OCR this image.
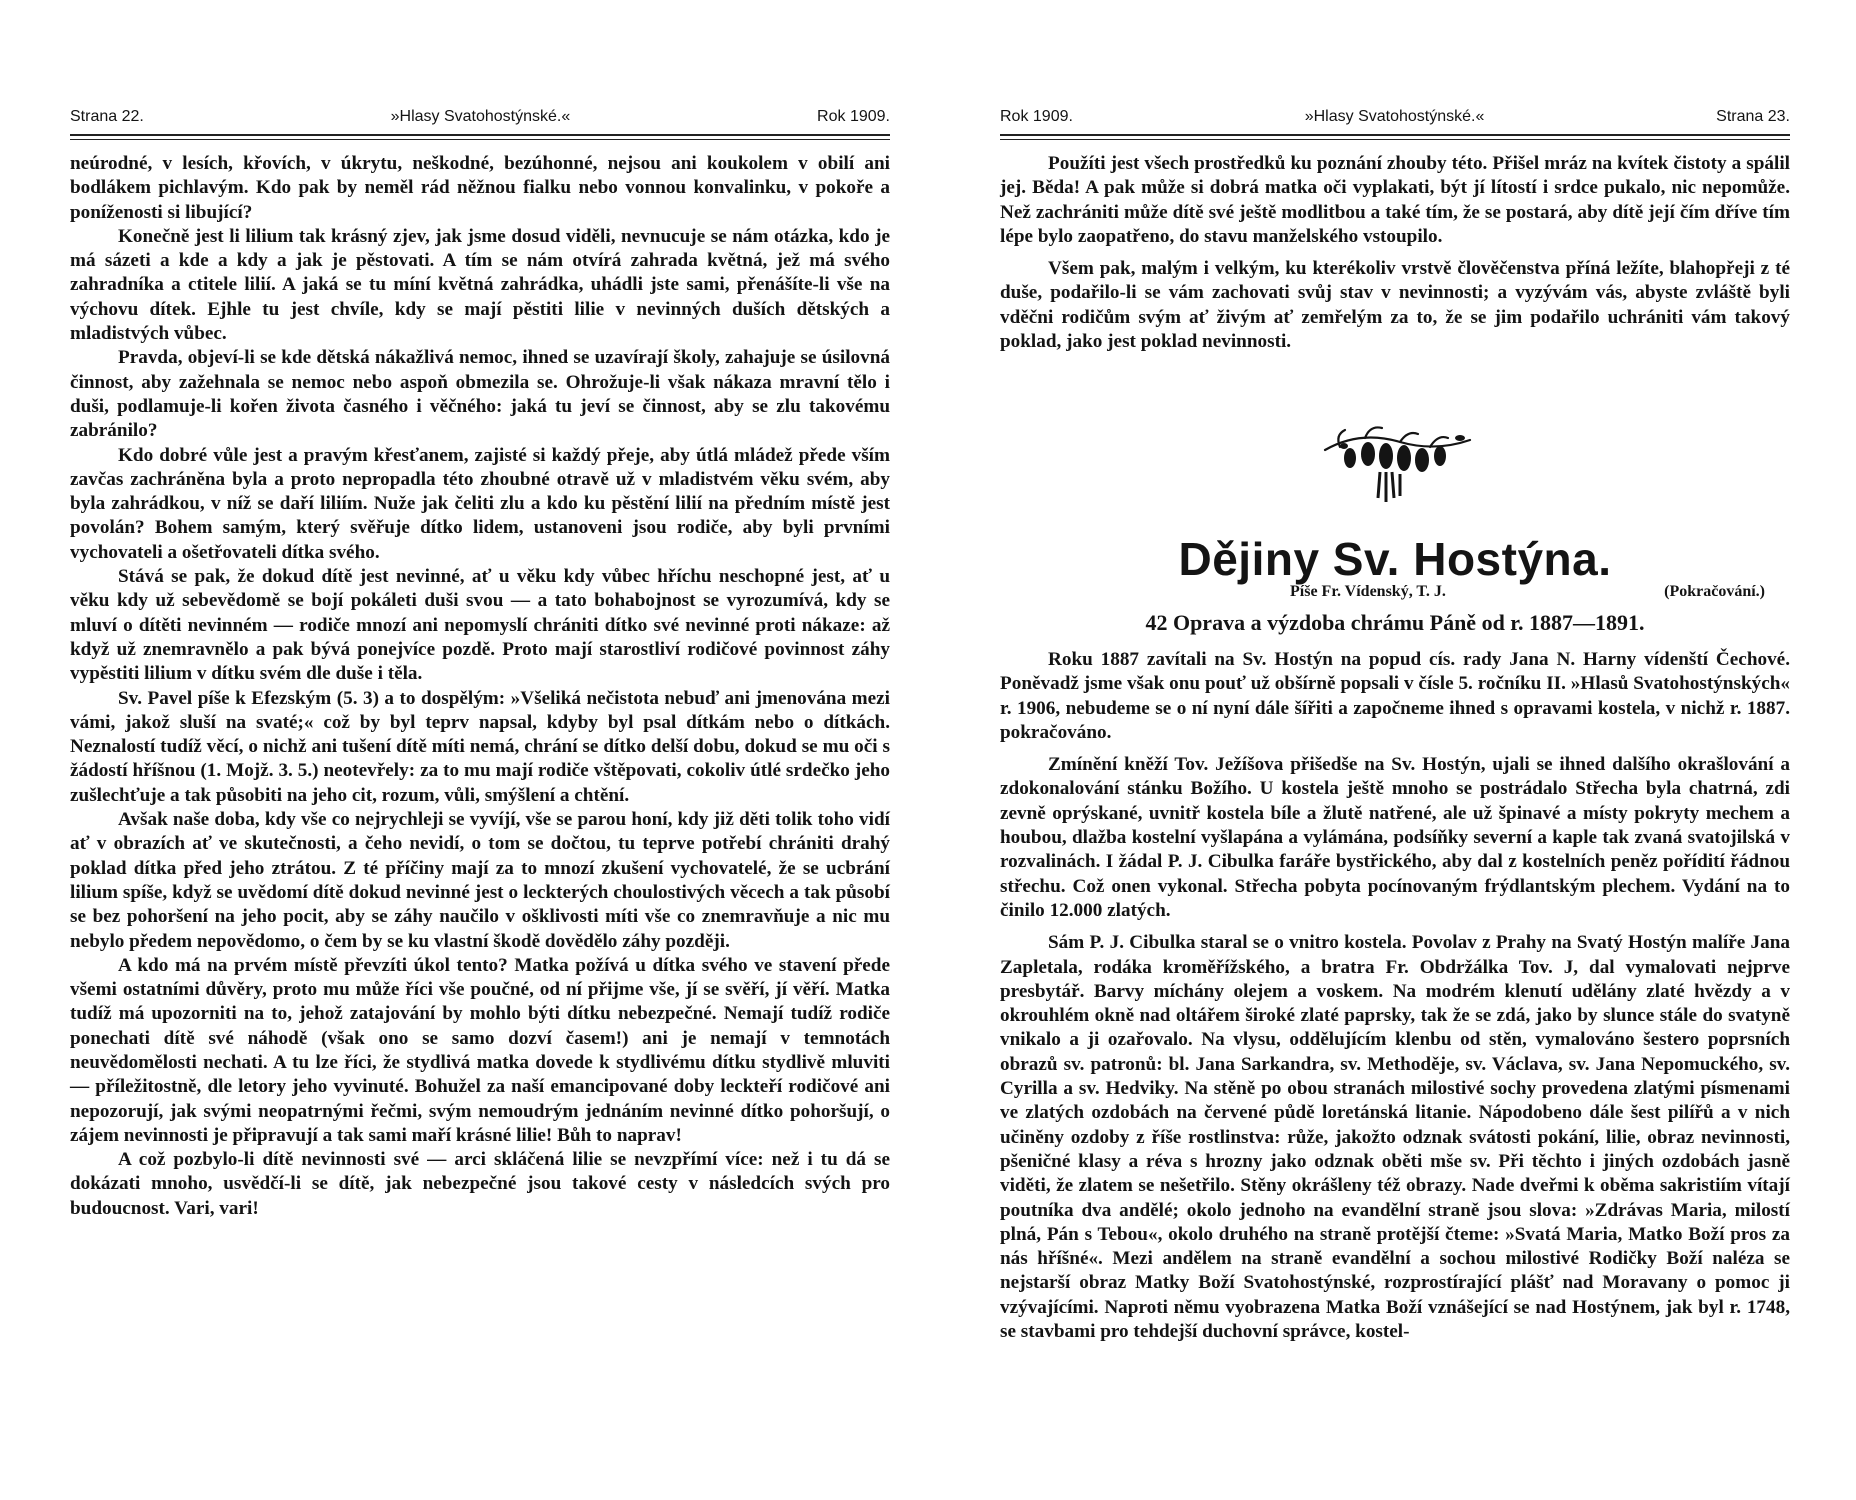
Strana 22.	»Hlasy Svatohostýnské.«	Rok 1909.

neúrodné, v lesích, křovích, v úkrytu, neškodné, bezúhonné, nejsou ani koukolem v obilí ani bodlákem pichlavým. Kdo pak by neměl rád něžnou fialku nebo vonnou konvalinku, v pokoře a poníženosti si libující?

Konečně jest li lilium tak krásný zjev, jak jsme dosud viděli, nevnucuje se nám otázka, kdo je má sázeti a kde a kdy a jak je pěstovati. A tím se nám otvírá zahrada květná, jež má svého zahradníka a ctitele lilií. A jaká se tu míní květná zahrádka, uhádli jste sami, přenášíte-li vše na výchovu dítek. Ejhle tu jest chvíle, kdy se mají pěstiti lilie v nevinných duších dětských a mladistvých vůbec.

Pravda, objeví-li se kde dětská nákažlivá nemoc, ihned se uzavírají školy, zahajuje se úsilovná činnost, aby zažehnala se nemoc nebo aspoň obmezila se. Ohrožuje-li však nákaza mravní tělo i duši, podlamuje-li kořen života časného i věčného: jaká tu jeví se činnost, aby se zlu takovému zabránilo?

Kdo dobré vůle jest a pravým křesťanem, zajisté si každý přeje, aby útlá mládež přede vším zavčas zachráněna byla a proto nepropadla této zhoubné otravě už v mladistvém věku svém, aby byla zahrádkou, v níž se daří liliím. Nuže jak čeliti zlu a kdo ku pěstění lilií na předním místě jest povolán? Bohem samým, který svěřuje dítko lidem, ustanoveni jsou rodiče, aby byli prvními vychovateli a ošetřovateli dítka svého.

Stává se pak, že dokud dítě jest nevinné, ať u věku kdy vůbec hříchu neschopné jest, ať u věku kdy už sebevědomě se bojí pokáleti duši svou — a tato bohabojnost se vyrozumívá, kdy se mluví o dítěti nevinném — rodiče mnozí ani nepomyslí chrániti dítko své nevinné proti nákaze: až když už znemravnělo a pak bývá ponejvíce pozdě. Proto mají starostliví rodičové povinnost záhy vypěstiti lilium v dítku svém dle duše i těla.

Sv. Pavel píše k Efezským (5. 3) a to dospělým: »Všeliká nečistota nebuď ani jmenována mezi vámi, jakož sluší na svaté;« což by byl teprv napsal, kdyby byl psal dítkám nebo o dítkách. Neznalostí tudíž věcí, o nichž ani tušení dítě míti nemá, chrání se dítko delší dobu, dokud se mu oči s žádostí hříšnou (1. Mojž. 3. 5.) neotevřely: za to mu mají rodiče vštěpovati, cokoliv útlé srdečko jeho zušlechťuje a tak působiti na jeho cit, rozum, vůli, smýšlení a chtění.

Avšak naše doba, kdy vše co nejrychleji se vyvíjí, vše se parou honí, kdy již děti tolik toho vidí ať v obrazích ať ve skutečnosti, a čeho nevidí, o tom se dočtou, tu teprve potřebí chrániti drahý poklad dítka před jeho ztrátou. Z té příčiny mají za to mnozí zkušení vychovatelé, že se ucbrání lilium spíše, když se uvědomí dítě dokud nevinné jest o leckterých choulostivých věcech a tak působí se bez pohoršení na jeho pocit, aby se záhy naučilo v ošklivosti míti vše co znemravňuje a nic mu nebylo předem nepovědomo, o čem by se ku vlastní škodě dovědělo záhy později.

A kdo má na prvém místě převzíti úkol tento? Matka požívá u dítka svého ve stavení přede všemi ostatními důvěry, proto mu může říci vše poučné, od ní přijme vše, jí se svěří, jí věří. Matka tudíž má upozorniti na to, jehož zatajování by mohlo býti dítku nebezpečné. Nemají tudíž rodiče ponechati dítě své náhodě (však ono se samo dozví časem!) ani je nemají v temnotách neuvědomělosti nechati. A tu lze říci, že stydlivá matka dovede k stydlivému dítku stydlivě mluviti — příležitostně, dle letory jeho vyvinuté. Bohužel za naší emancipované doby leckteří rodičové ani nepozorují, jak svými neopatrnými řečmi, svým nemoudrým jednáním nevinné dítko pohoršují, o zájem nevinnosti je připravují a tak sami maří krásné lilie! Bůh to naprav!

A což pozbylo-li dítě nevinnosti své — arci skláčená lilie se nevzpřímí více: než i tu dá se dokázati mnoho, usvědčí-li se dítě, jak nebezpečné jsou takové cesty v následcích svých pro budoucnost. Vari, vari!

Rok 1909.	»Hlasy Svatohostýnské.«	Strana 23.

Použíti jest všech prostředků ku poznání zhouby této. Přišel mráz na kvítek čistoty a spálil jej. Běda! A pak může si dobrá matka oči vyplakati, být jí lítostí i srdce pukalo, nic nepomůže. Než zachrániti může dítě své ještě modlitbou a také tím, že se postará, aby dítě její čím dříve tím lépe bylo zaopatřeno, do stavu manželského vstoupilo.

Všem pak, malým i velkým, ku kterékoliv vrstvě člověčenstva příná ležíte, blahopřeji z té duše, podařilo-li se vám zachovati svůj stav v nevinnosti; a vyzývám vás, abyste zvláště byli vděčni rodičům svým ať živým ať zemřelým za to, že se jim podařilo uchrániti vám takový poklad, jako jest poklad nevinnosti.

Dějiny Sv. Hostýna.
Píše Fr. Vídenský, T. J.	(Pokračování.)
42 Oprava a výzdoba chrámu Páně od r. 1887—1891.

Roku 1887 zavítali na Sv. Hostýn na popud cís. rady Jana N. Harny vídenští Čechové. Poněvadž jsme však onu pouť už obšírně popsali v čísle 5. ročníku II. »Hlasů Svatohostýnských« r. 1906, nebudeme se o ní nyní dále šířiti a započneme ihned s opravami kostela, v nichž r. 1887. pokračováno.

Zmínění kněží Tov. Ježíšova přišedše na Sv. Hostýn, ujali se ihned dalšího okrašlování a zdokonalování stánku Božího. U kostela ještě mnoho se postrádalo Střecha byla chatrná, zdi zevně oprýskané, uvnitř kostela bíle a žlutě natřené, ale už špinavé a místy pokryty mechem a houbou, dlažba kostelní vyšlapána a vylámána, podsíňky severní a kaple tak zvaná svatojilská v rozvalinách. I žádal P. J. Cibulka faráře bystřického, aby dal z kostelních peněz pořídití řádnou střechu. Což onen vykonal. Střecha pobyta pocínovaným frýdlantským plechem. Vydání na to činilo 12.000 zlatých.

Sám P. J. Cibulka staral se o vnitro kostela. Povolav z Prahy na Svatý Hostýn malíře Jana Zapletala, rodáka kroměřížského, a bratra Fr. Obdržálka Tov. J, dal vymalovati nejprve presbytář. Barvy míchány olejem a voskem. Na modrém klenutí udělány zlaté hvězdy a v okrouhlém okně nad oltářem široké zlaté paprsky, tak že se zdá, jako by slunce stále do svatyně vnikalo a ji ozařovalo. Na vlysu, oddělujícím klenbu od stěn, vymalováno šestero poprsních obrazů sv. patronů: bl. Jana Sarkandra, sv. Methoděje, sv. Václava, sv. Jana Nepomuckého, sv. Cyrilla a sv. Hedviky. Na stěně po obou stranách milostivé sochy provedena zlatými písmenami ve zlatých ozdobách na červené půdě loretánská litanie. Nápodobeno dále šest pilířů a v nich učiněny ozdoby z říše rostlinstva: růže, jakožto odznak svátosti pokání, lilie, obraz nevinnosti, pšeničné klasy a réva s hrozny jako odznak oběti mše sv. Při těchto i jiných ozdobách jasně viděti, že zlatem se nešetřilo. Stěny okrášleny též obrazy. Nade dveřmi k oběma sakristiím vítají poutníka dva andělé; okolo jednoho na evandělní straně jsou slova: »Zdrávas Maria, milostí plná, Pán s Tebou«, okolo druhého na straně protější čteme: »Svatá Maria, Matko Boží pros za nás hříšné«. Mezi andělem na straně evandělní a sochou milostivé Rodičky Boží naléza se nejstarší obraz Matky Boží Svatohostýnské, rozprostírající plášť nad Moravany o pomoc ji vzývajícími. Naproti němu vyobrazena Matka Boží vznášející se nad Hostýnem, jak byl r. 1748, se stavbami pro tehdejší duchovní správce, kostel-
